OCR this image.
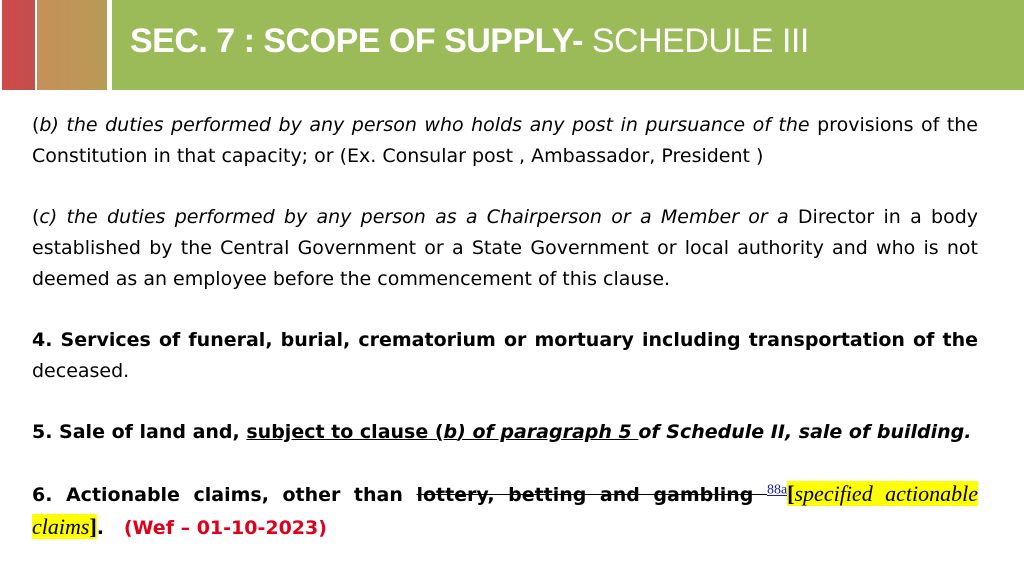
SEC. 7 : SCOPE OF SUPPLY- SCHEDULE III

(b) the duties performed by any person who holds any post in pursuance of the provisions of the Constitution in that capacity; or (Ex. Consular post , Ambassador, President )

(c) the duties performed by any person as a Chairperson or a Member or a Director in a body established by the Central Government or a State Government or local authority and who is not deemed as an employee before the commencement of this clause.

4. Services of funeral, burial, crematorium or mortuary including transportation of the deceased.

5. Sale of land and, subject to clause (b) of paragraph 5 of Schedule II, sale of building.

6. Actionable claims, other than lottery, betting and gambling $^{88a}$[specified actionable claims].   (Wef – 01-10-2023)
